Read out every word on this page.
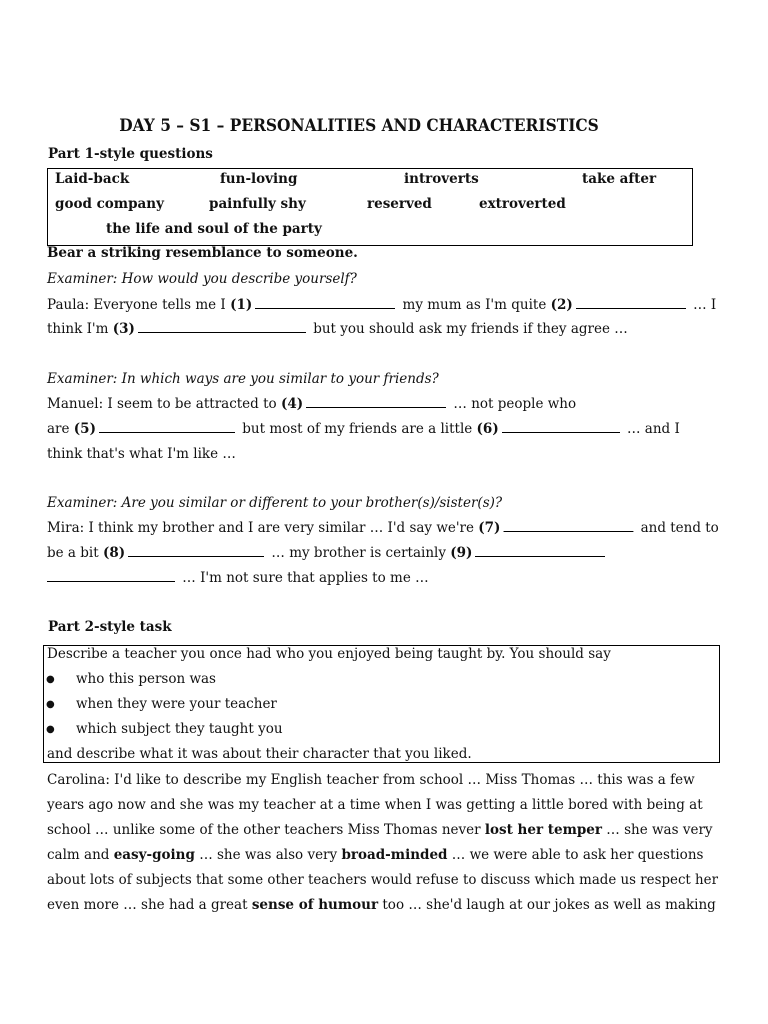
DAY 5 – S1 – PERSONALITIES AND CHARACTERISTICS
Part 1-style questions
Laid-back	fun-loving	introverts	take after
good company	painfully shy	reserved	extroverted
the life and soul of the party
Bear a striking resemblance to someone.
Examiner: How would you describe yourself?
Paula: Everyone tells me I (1)	my mum as I'm quite (2)	… I
think I'm (3)	but you should ask my friends if they agree …
Examiner: In which ways are you similar to your friends?
Manuel: I seem to be attracted to (4)	… not people who
are (5)	but most of my friends are a little (6)	… and I
think that's what I'm like …
Examiner: Are you similar or different to your brother(s)/sister(s)?
Mira: I think my brother and I are very similar … I'd say we're (7)	and tend to
be a bit (8)	… my brother is certainly (9)
… I'm not sure that applies to me …
Part 2-style task
Describe a teacher you once had who you enjoyed being taught by. You should say
● who this person was
● when they were your teacher
● which subject they taught you
and describe what it was about their character that you liked.
Carolina: I'd like to describe my English teacher from school … Miss Thomas … this was a few
years ago now and she was my teacher at a time when I was getting a little bored with being at
school … unlike some of the other teachers Miss Thomas never lost her temper … she was very
calm and easy-going … she was also very broad-minded … we were able to ask her questions
about lots of subjects that some other teachers would refuse to discuss which made us respect her
even more … she had a great sense of humour too … she'd laugh at our jokes as well as making
